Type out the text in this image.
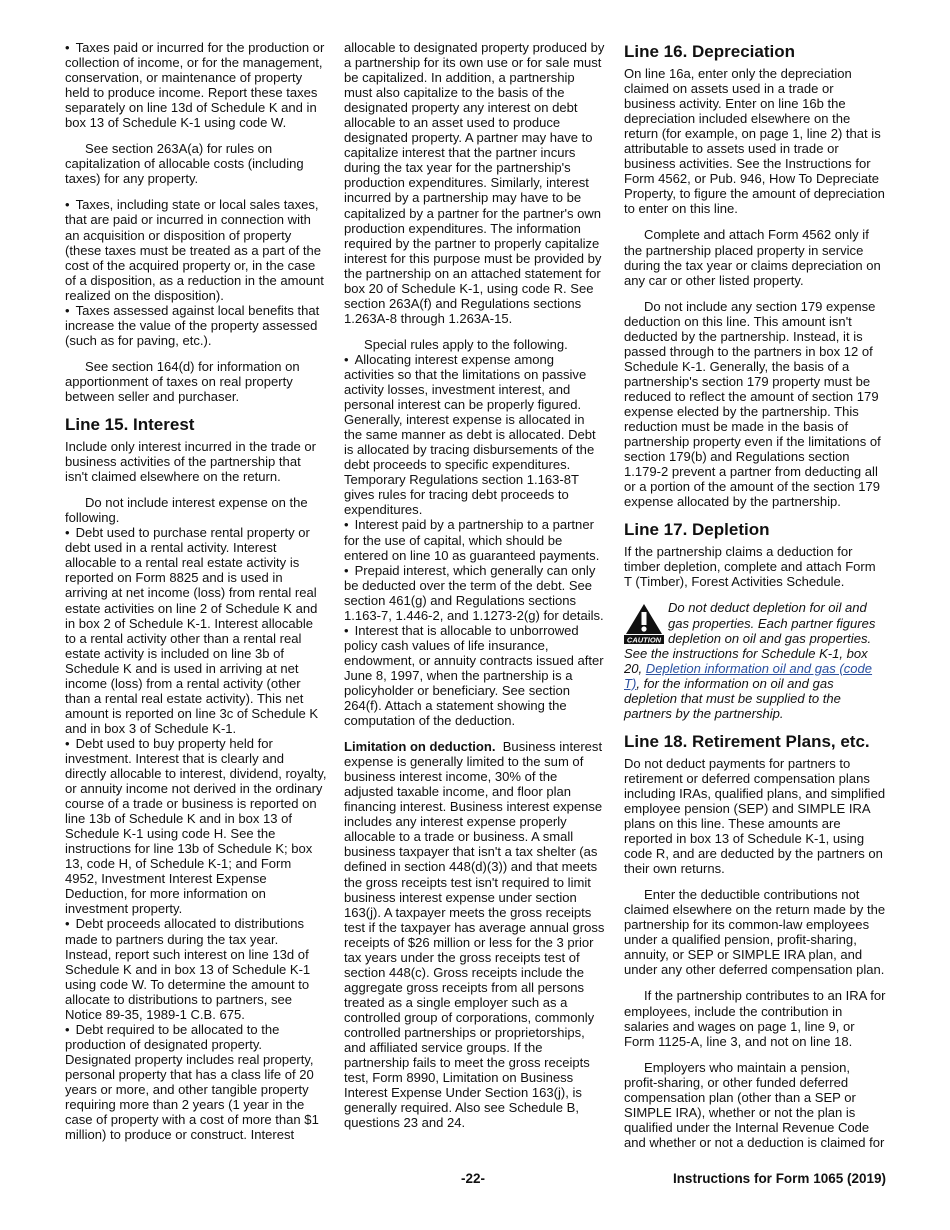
• Taxes paid or incurred for the production or collection of income, or for the management, conservation, or maintenance of property held to produce income. Report these taxes separately on line 13d of Schedule K and in box 13 of Schedule K-1 using code W.

See section 263A(a) for rules on capitalization of allocable costs (including taxes) for any property.

• Taxes, including state or local sales taxes, that are paid or incurred in connection with an acquisition or disposition of property (these taxes must be treated as a part of the cost of the acquired property or, in the case of a disposition, as a reduction in the amount realized on the disposition).

• Taxes assessed against local benefits that increase the value of the property assessed (such as for paving, etc.).

See section 164(d) for information on apportionment of taxes on real property between seller and purchaser.

Line 15. Interest

Include only interest incurred in the trade or business activities of the partnership that isn't claimed elsewhere on the return.

Do not include interest expense on the following.

• Debt used to purchase rental property or debt used in a rental activity. Interest allocable to a rental real estate activity is reported on Form 8825 and is used in arriving at net income (loss) from rental real estate activities on line 2 of Schedule K and in box 2 of Schedule K-1. Interest allocable to a rental activity other than a rental real estate activity is included on line 3b of Schedule K and is used in arriving at net income (loss) from a rental activity (other than a rental real estate activity). This net amount is reported on line 3c of Schedule K and in box 3 of Schedule K-1.

• Debt used to buy property held for investment. Interest that is clearly and directly allocable to interest, dividend, royalty, or annuity income not derived in the ordinary course of a trade or business is reported on line 13b of Schedule K and in box 13 of Schedule K-1 using code H. See the instructions for line 13b of Schedule K; box 13, code H, of Schedule K-1; and Form 4952, Investment Interest Expense Deduction, for more information on investment property.

• Debt proceeds allocated to distributions made to partners during the tax year. Instead, report such interest on line 13d of Schedule K and in box 13 of Schedule K-1 using code W. To determine the amount to allocate to distributions to partners, see Notice 89-35, 1989-1 C.B. 675.

• Debt required to be allocated to the production of designated property. Designated property includes real property, personal property that has a class life of 20 years or more, and other tangible property requiring more than 2 years (1 year in the case of property with a cost of more than $1 million) to produce or construct. Interest

allocable to designated property produced by a partnership for its own use or for sale must be capitalized. In addition, a partnership must also capitalize to the basis of the designated property any interest on debt allocable to an asset used to produce designated property. A partner may have to capitalize interest that the partner incurs during the tax year for the partnership's production expenditures. Similarly, interest incurred by a partnership may have to be capitalized by a partner for the partner's own production expenditures. The information required by the partner to properly capitalize interest for this purpose must be provided by the partnership on an attached statement for box 20 of Schedule K-1, using code R. See section 263A(f) and Regulations sections 1.263A-8 through 1.263A-15.

Special rules apply to the following.

• Allocating interest expense among activities so that the limitations on passive activity losses, investment interest, and personal interest can be properly figured. Generally, interest expense is allocated in the same manner as debt is allocated. Debt is allocated by tracing disbursements of the debt proceeds to specific expenditures. Temporary Regulations section 1.163-8T gives rules for tracing debt proceeds to expenditures.

• Interest paid by a partnership to a partner for the use of capital, which should be entered on line 10 as guaranteed payments.

• Prepaid interest, which generally can only be deducted over the term of the debt. See section 461(g) and Regulations sections 1.163-7, 1.446-2, and 1.1273-2(g) for details.

• Interest that is allocable to unborrowed policy cash values of life insurance, endowment, or annuity contracts issued after June 8, 1997, when the partnership is a policyholder or beneficiary. See section 264(f). Attach a statement showing the computation of the deduction.

Limitation on deduction. Business interest expense is generally limited to the sum of business interest income, 30% of the adjusted taxable income, and floor plan financing interest. Business interest expense includes any interest expense properly allocable to a trade or business. A small business taxpayer that isn't a tax shelter (as defined in section 448(d)(3)) and that meets the gross receipts test isn't required to limit business interest expense under section 163(j). A taxpayer meets the gross receipts test if the taxpayer has average annual gross receipts of $26 million or less for the 3 prior tax years under the gross receipts test of section 448(c). Gross receipts include the aggregate gross receipts from all persons treated as a single employer such as a controlled group of corporations, commonly controlled partnerships or proprietorships, and affiliated service groups. If the partnership fails to meet the gross receipts test, Form 8990, Limitation on Business Interest Expense Under Section 163(j), is generally required. Also see Schedule B, questions 23 and 24.

Line 16. Depreciation

On line 16a, enter only the depreciation claimed on assets used in a trade or business activity. Enter on line 16b the depreciation included elsewhere on the return (for example, on page 1, line 2) that is attributable to assets used in trade or business activities. See the Instructions for Form 4562, or Pub. 946, How To Depreciate Property, to figure the amount of depreciation to enter on this line.

Complete and attach Form 4562 only if the partnership placed property in service during the tax year or claims depreciation on any car or other listed property.

Do not include any section 179 expense deduction on this line. This amount isn't deducted by the partnership. Instead, it is passed through to the partners in box 12 of Schedule K-1. Generally, the basis of a partnership's section 179 property must be reduced to reflect the amount of section 179 expense elected by the partnership. This reduction must be made in the basis of partnership property even if the limitations of section 179(b) and Regulations section 1.179-2 prevent a partner from deducting all or a portion of the amount of the section 179 expense allocated by the partnership.

Line 17. Depletion

If the partnership claims a deduction for timber depletion, complete and attach Form T (Timber), Forest Activities Schedule.

CAUTION
Do not deduct depletion for oil and gas properties. Each partner figures depletion on oil and gas properties. See the instructions for Schedule K-1, box 20, Depletion information oil and gas (code T), for the information on oil and gas depletion that must be supplied to the partners by the partnership.
Line 18. Retirement Plans, etc.

Do not deduct payments for partners to retirement or deferred compensation plans including IRAs, qualified plans, and simplified employee pension (SEP) and SIMPLE IRA plans on this line. These amounts are reported in box 13 of Schedule K-1, using code R, and are deducted by the partners on their own returns.

Enter the deductible contributions not claimed elsewhere on the return made by the partnership for its common-law employees under a qualified pension, profit-sharing, annuity, or SEP or SIMPLE IRA plan, and under any other deferred compensation plan.

If the partnership contributes to an IRA for employees, include the contribution in salaries and wages on page 1, line 9, or Form 1125-A, line 3, and not on line 18.

Employers who maintain a pension, profit-sharing, or other funded deferred compensation plan (other than a SEP or SIMPLE IRA), whether or not the plan is qualified under the Internal Revenue Code and whether or not a deduction is claimed for

-22-	Instructions for Form 1065 (2019)
